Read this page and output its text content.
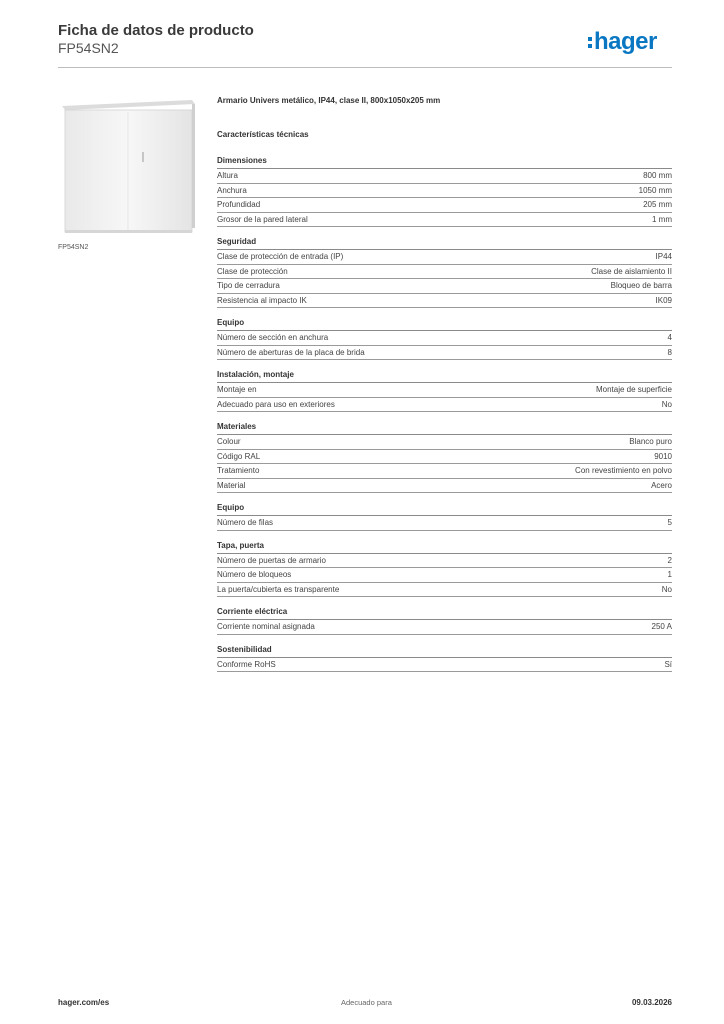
Ficha de datos de producto
FP54SN2	hager
FP54SN2
Armario Univers metálico, IP44, clase II, 800x1050x205 mm
Características técnicas
Dimensiones
Altura	800 mm
Anchura	1050 mm
Profundidad	205 mm
Grosor de la pared lateral	1 mm
Seguridad
Clase de protección de entrada (IP)	IP44
Clase de protección	Clase de aislamiento II
Tipo de cerradura	Bloqueo de barra
Resistencia al impacto IK	IK09
Equipo
Número de sección en anchura	4
Número de aberturas de la placa de brida	8
Instalación, montaje
Montaje en	Montaje de superficie
Adecuado para uso en exteriores	No
Materiales
Colour	Blanco puro
Código RAL	9010
Tratamiento	Con revestimiento en polvo
Material	Acero
Equipo
Número de filas	5
Tapa, puerta
Número de puertas de armario	2
Número de bloqueos	1
La puerta/cubierta es transparente	No
Corriente eléctrica
Corriente nominal asignada	250 A
Sostenibilidad
Conforme RoHS	Sí
hager.com/es	Adecuado para	09.03.2026
